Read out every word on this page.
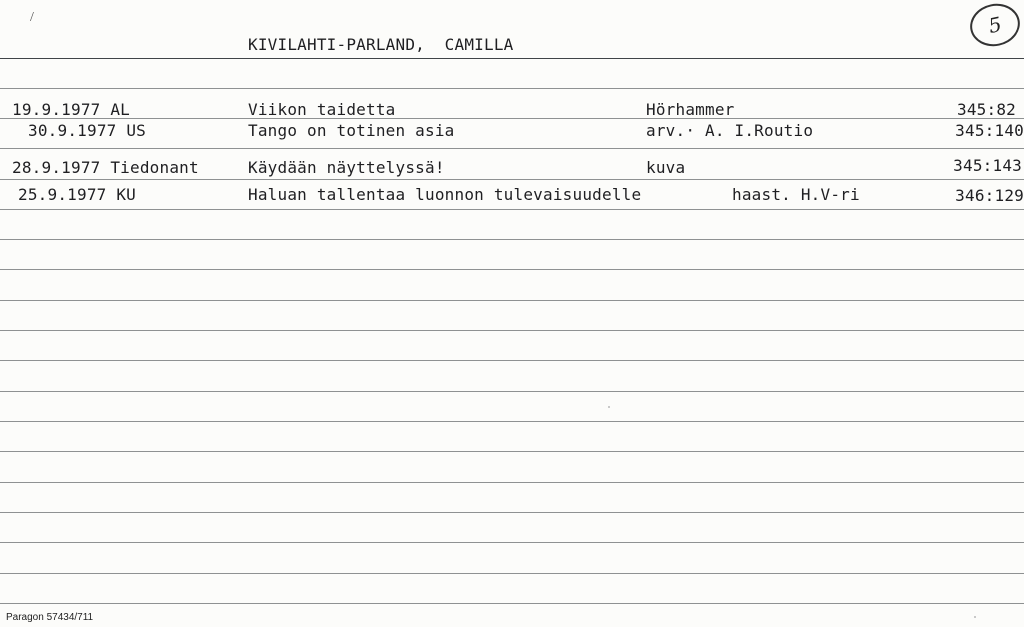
/	5
KIVILAHTI-PARLAND,  CAMILLA
19.9.1977 AL	Viikon taidetta	Hörhammer	345:82
30.9.1977 US	Tango on totinen asia	arv.· A. I.Routio	345:140
28.9.1977 Tiedonant	Käydään näyttelyssä!	kuva	345:143
25.9.1977 KU	Haluan tallentaa luonnon tulevaisuudelle	haast. H.V-ri	346:129
Paragon 57434/711
